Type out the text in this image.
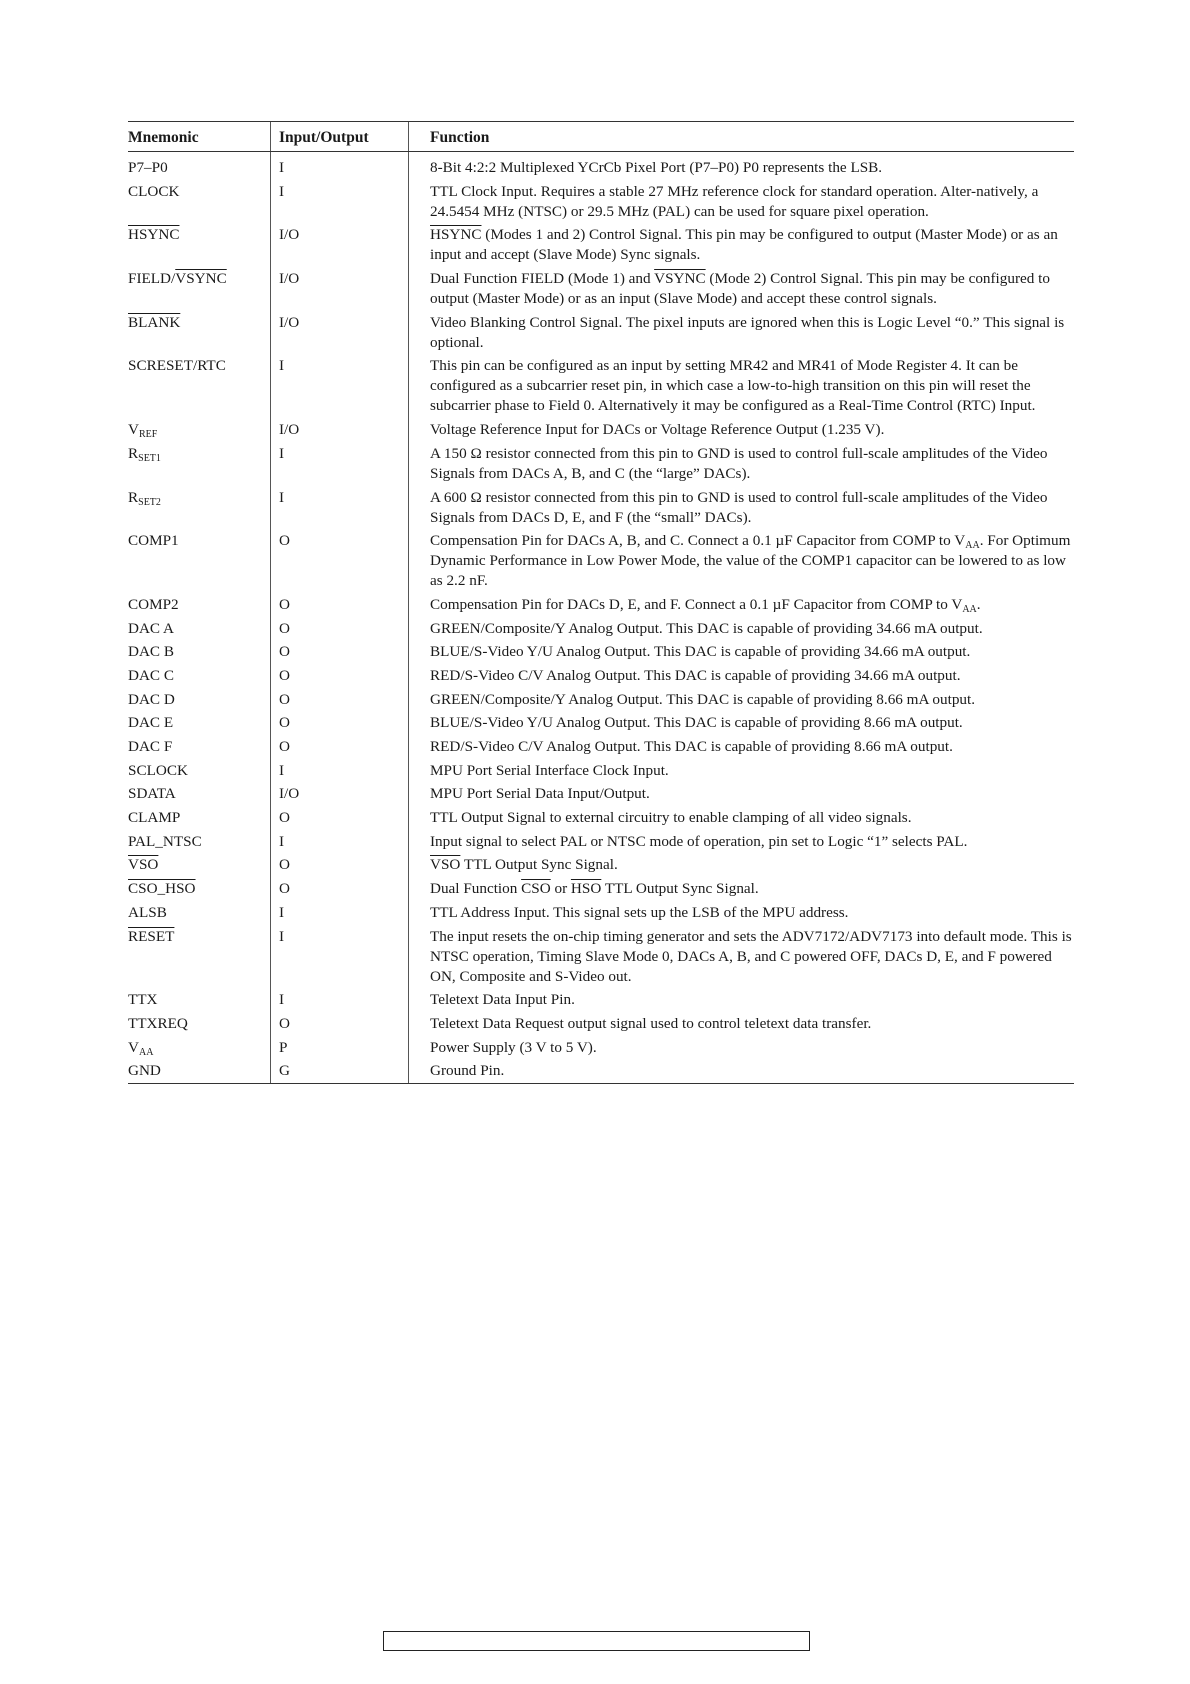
Mnemonic	Input/Output	Function
P7–P0	I	8-Bit 4:2:2 Multiplexed YCrCb Pixel Port (P7–P0) P0 represents the LSB.
CLOCK	I	TTL Clock Input. Requires a stable 27 MHz reference clock for standard operation. Alter-natively, a 24.5454 MHz (NTSC) or 29.5 MHz (PAL) can be used for square pixel operation.
HSYNC	I/O	HSYNC (Modes 1 and 2) Control Signal. This pin may be configured to output (Master Mode) or as an input and accept (Slave Mode) Sync signals.
FIELD/VSYNC	I/O	Dual Function FIELD (Mode 1) and VSYNC (Mode 2) Control Signal. This pin may be configured to output (Master Mode) or as an input (Slave Mode) and accept these control signals.
BLANK	I/O	Video Blanking Control Signal. The pixel inputs are ignored when this is Logic Level “0.” This signal is optional.
SCRESET/RTC	I	This pin can be configured as an input by setting MR42 and MR41 of Mode Register 4. It can be configured as a subcarrier reset pin, in which case a low-to-high transition on this pin will reset the subcarrier phase to Field 0. Alternatively it may be configured as a Real-Time Control (RTC) Input.
$V_{REF}$	I/O	Voltage Reference Input for DACs or Voltage Reference Output (1.235 V).
$R_{SET1}$	I	A 150 Ω resistor connected from this pin to GND is used to control full-scale amplitudes of the Video Signals from DACs A, B, and C (the “large” DACs).
$R_{SET2}$	I	A 600 Ω resistor connected from this pin to GND is used to control full-scale amplitudes of the Video Signals from DACs D, E, and F (the “small” DACs).
COMP1	O	Compensation Pin for DACs A, B, and C. Connect a 0.1 µF Capacitor from COMP to $V_{AA}$. For Optimum Dynamic Performance in Low Power Mode, the value of the COMP1 capacitor can be lowered to as low as 2.2 nF.
COMP2	O	Compensation Pin for DACs D, E, and F. Connect a 0.1 µF Capacitor from COMP to $V_{AA}$.
DAC A	O	GREEN/Composite/Y Analog Output. This DAC is capable of providing 34.66 mA output.
DAC B	O	BLUE/S-Video Y/U Analog Output. This DAC is capable of providing 34.66 mA output.
DAC C	O	RED/S-Video C/V Analog Output. This DAC is capable of providing 34.66 mA output.
DAC D	O	GREEN/Composite/Y Analog Output. This DAC is capable of providing 8.66 mA output.
DAC E	O	BLUE/S-Video Y/U Analog Output. This DAC is capable of providing 8.66 mA output.
DAC F	O	RED/S-Video C/V Analog Output. This DAC is capable of providing 8.66 mA output.
SCLOCK	I	MPU Port Serial Interface Clock Input.
SDATA	I/O	MPU Port Serial Data Input/Output.
CLAMP	O	TTL Output Signal to external circuitry to enable clamping of all video signals.
PAL_NTSC	I	Input signal to select PAL or NTSC mode of operation, pin set to Logic “1” selects PAL.
$\overline{VSO}$	O	$\overline{VSO}$ TTL Output Sync Signal.
CSO_HSO	O	Dual Function $\overline{CSO}$ or $\overline{HSO}$ TTL Output Sync Signal.
ALSB	I	TTL Address Input. This signal sets up the LSB of the MPU address.
RESET	I	The input resets the on-chip timing generator and sets the ADV7172/ADV7173 into default mode. This is NTSC operation, Timing Slave Mode 0, DACs A, B, and C powered OFF, DACs D, E, and F powered ON, Composite and S-Video out.
TTX	I	Teletext Data Input Pin.
TTXREQ	O	Teletext Data Request output signal used to control teletext data transfer.
$V_{AA}$	P	Power Supply (3 V to 5 V).
GND	G	Ground Pin.
